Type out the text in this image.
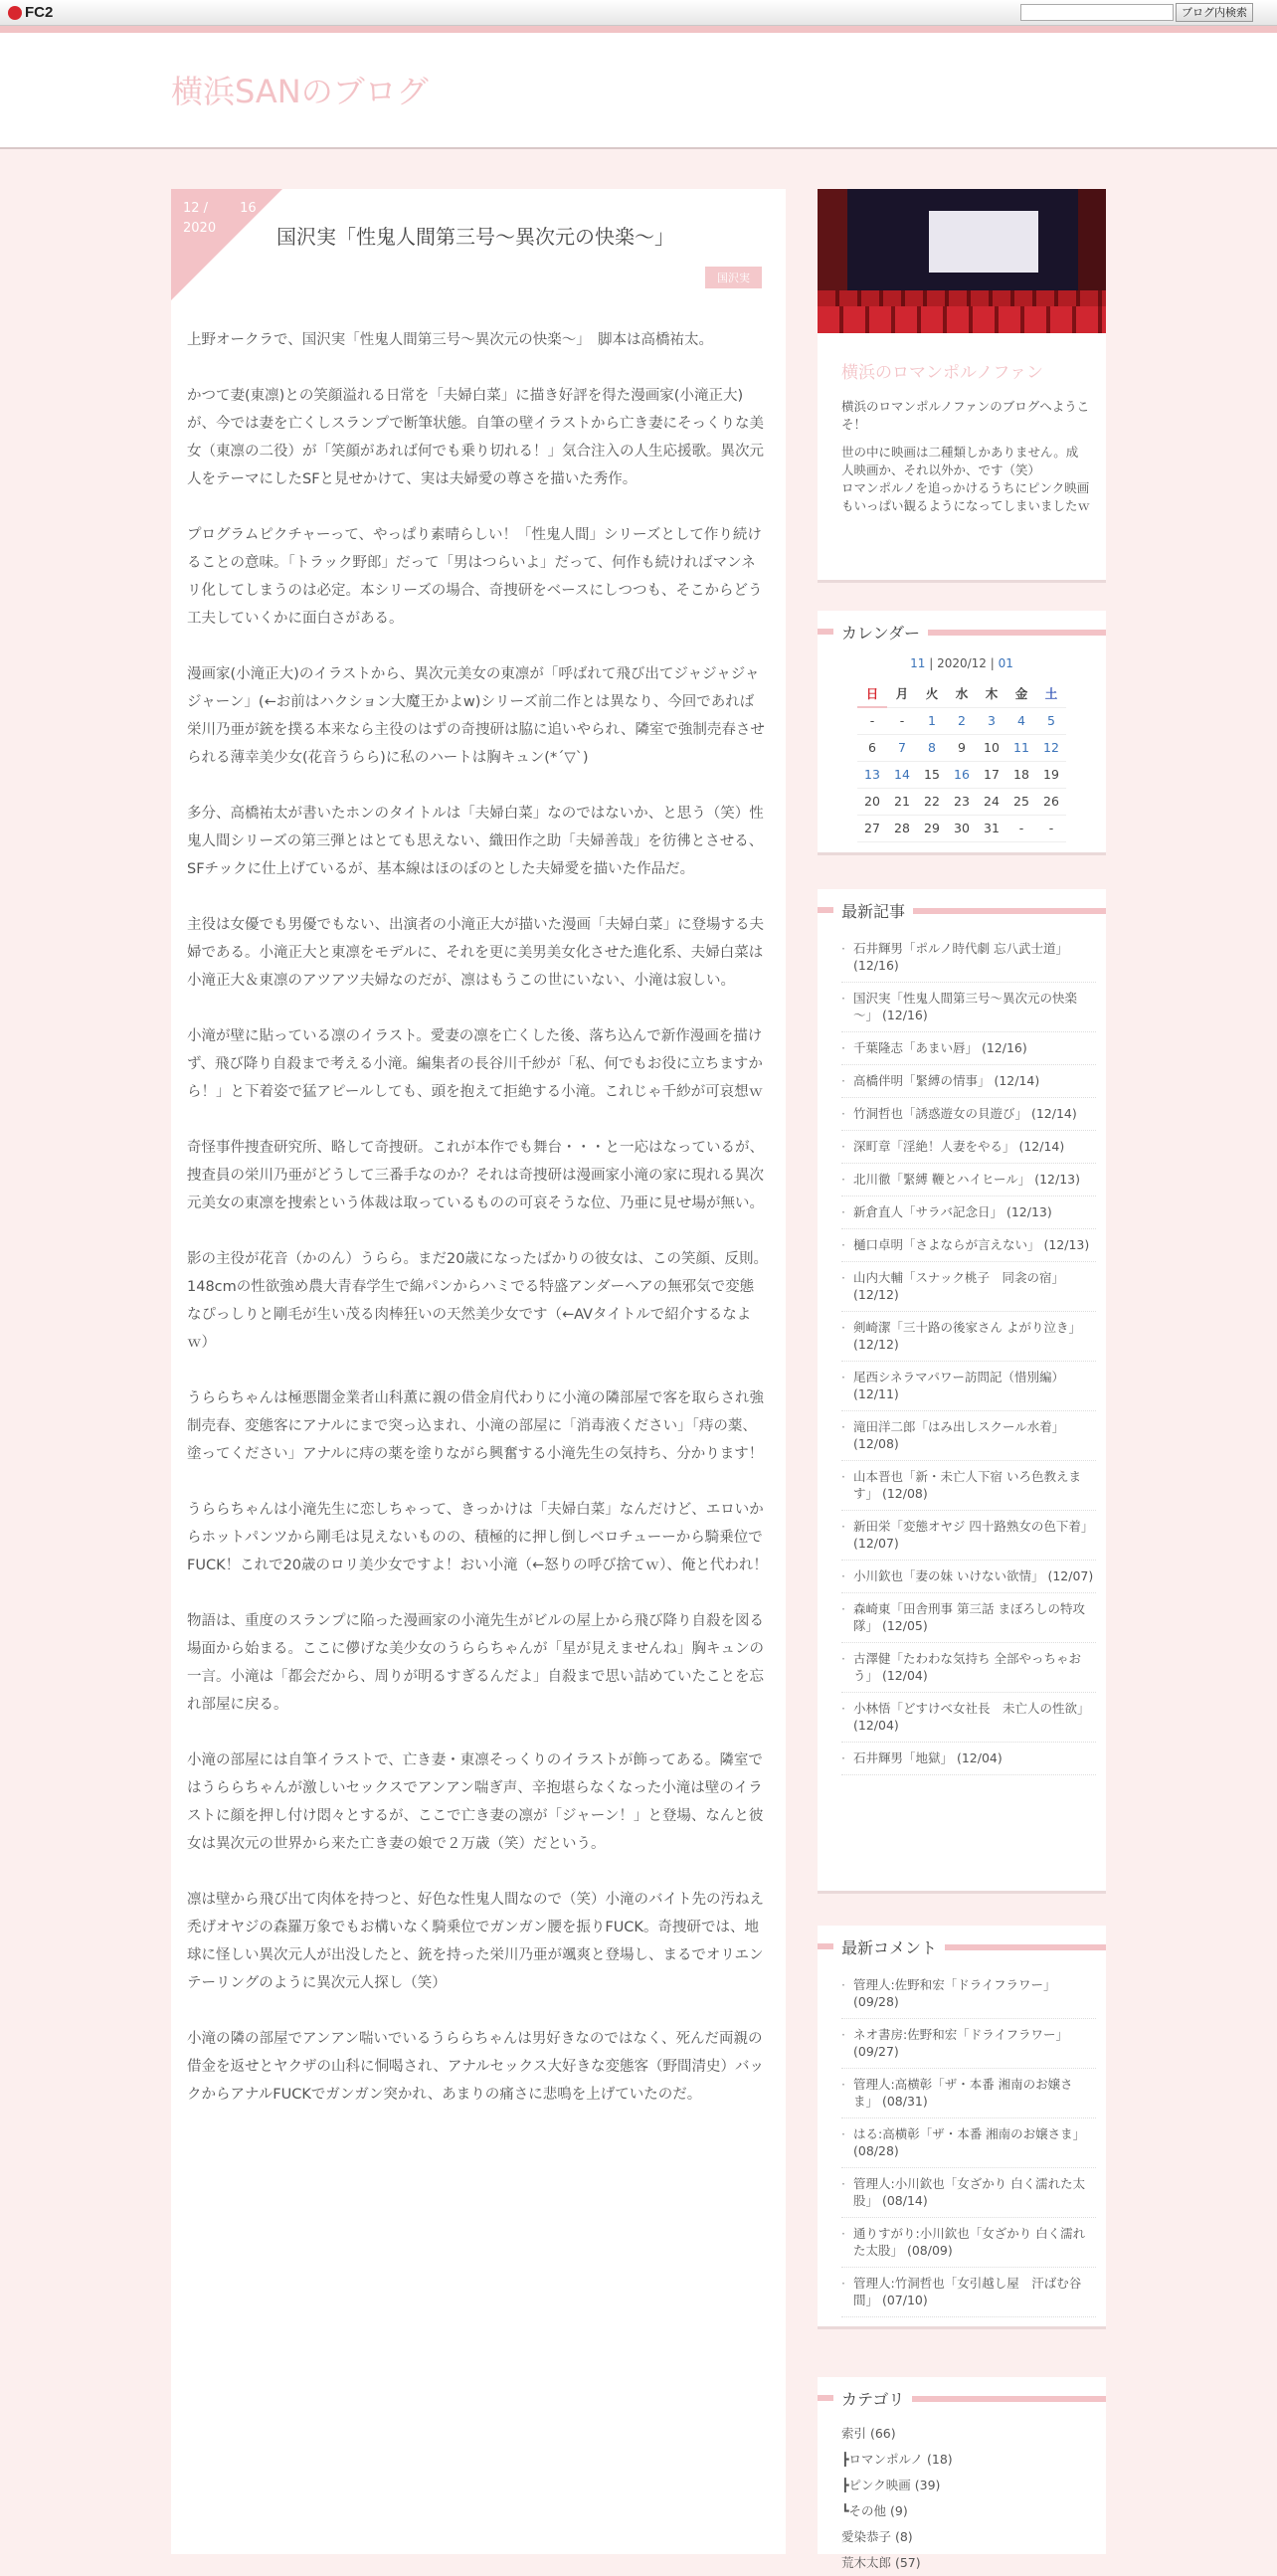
FC2	ブログ内検索
横浜SANのブログ
12 / 16
2020	国沢実「性鬼人間第三号～異次元の快楽～」
国沢実

上野オークラで、国沢実「性鬼人間第三号～異次元の快楽～」　脚本は高橋祐太。

かつて妻(東凛)との笑顔溢れる日常を「夫婦白菜」に描き好評を得た漫画家(小滝正大)が、今では妻を亡くしスランプで断筆状態。自筆の壁イラストから亡き妻にそっくりな美女（東凛の二役）が「笑顔があれば何でも乗り切れる！」気合注入の人生応援歌。異次元人をテーマにしたSFと見せかけて、実は夫婦愛の尊さを描いた秀作。

プログラムピクチャーって、やっぱり素晴らしい！「性鬼人間」シリーズとして作り続けることの意味。「トラック野郎」だって「男はつらいよ」だって、何作も続ければマンネリ化してしまうのは必定。本シリーズの場合、奇捜研をベースにしつつも、そこからどう工夫していくかに面白さがある。

漫画家(小滝正大)のイラストから、異次元美女の東凛が「呼ばれて飛び出てジャジャジャジャーン」(←お前はハクション大魔王かよw)シリーズ前二作とは異なり、今回であれば栄川乃亜が銃を撲る本来なら主役のはずの奇捜研は脇に追いやられ、隣室で強制売春させられる薄幸美少女(花音うらら)に私のハートは胸キュン(*´▽`)

多分、高橋祐太が書いたホンのタイトルは「夫婦白菜」なのではないか、と思う（笑）性鬼人間シリーズの第三弾とはとても思えない、織田作之助「夫婦善哉」を彷彿とさせる、SFチックに仕上げているが、基本線はほのぼのとした夫婦愛を描いた作品だ。

主役は女優でも男優でもない、出演者の小滝正大が描いた漫画「夫婦白菜」に登場する夫婦である。小滝正大と東凛をモデルに、それを更に美男美女化させた進化系、夫婦白菜は小滝正大＆東凛のアツアツ夫婦なのだが、凛はもうこの世にいない、小滝は寂しい。

小滝が壁に貼っている凛のイラスト。愛妻の凛を亡くした後、落ち込んで新作漫画を描けず、飛び降り自殺まで考える小滝。編集者の長谷川千紗が「私、何でもお役に立ちますから！」と下着姿で猛アピールしても、頭を抱えて拒絶する小滝。これじゃ千紗が可哀想ｗ

奇怪事件捜査研究所、略して奇捜研。これが本作でも舞台・・・と一応はなっているが、捜査員の栄川乃亜がどうして三番手なのか？それは奇捜研は漫画家小滝の家に現れる異次元美女の東凛を捜索という体裁は取っているものの可哀そうな位、乃亜に見せ場が無い。

影の主役が花音（かのん）うらら。まだ20歳になったばかりの彼女は、この笑顔、反則。148cmの性欲強め農大青春学生で綿パンからハミでる特盛アンダーヘアの無邪気で変態なぴっしりと剛毛が生い茂る肉棒狂いの天然美少女です（←AVタイトルで紹介するなよｗ）

うららちゃんは極悪闇金業者山科薫に親の借金肩代わりに小滝の隣部屋で客を取らされ強制売春、変態客にアナルにまで突っ込まれ、小滝の部屋に「消毒液ください」「痔の薬、塗ってください」アナルに痔の薬を塗りながら興奮する小滝先生の気持ち、分かります！

うららちゃんは小滝先生に恋しちゃって、きっかけは「夫婦白菜」なんだけど、エロいからホットパンツから剛毛は見えないものの、積極的に押し倒しベロチューーから騎乗位でFUCK！これで20歳のロリ美少女ですよ！おい小滝（←怒りの呼び捨てｗ）、俺と代われ！

物語は、重度のスランプに陥った漫画家の小滝先生がビルの屋上から飛び降り自殺を図る場面から始まる。ここに儚げな美少女のうららちゃんが「星が見えませんね」胸キュンの一言。小滝は「都会だから、周りが明るすぎるんだよ」自殺まで思い詰めていたことを忘れ部屋に戻る。

小滝の部屋には自筆イラストで、亡き妻・東凛そっくりのイラストが飾ってある。隣室ではうららちゃんが激しいセックスでアンアン喘ぎ声、辛抱堪らなくなった小滝は壁のイラストに顔を押し付け悶々とするが、ここで亡き妻の凛が「ジャーン！」と登場、なんと彼女は異次元の世界から来た亡き妻の娘で２万歳（笑）だという。

凛は壁から飛び出て肉体を持つと、好色な性鬼人間なので（笑）小滝のバイト先の汚ねえ禿げオヤジの森羅万象でもお構いなく騎乗位でガンガン腰を振りFUCK。奇捜研では、地球に怪しい異次元人が出没したと、銃を持った栄川乃亜が颯爽と登場し、まるでオリエンテーリングのように異次元人探し（笑）

小滝の隣の部屋でアンアン喘いでいるうららちゃんは男好きなのではなく、死んだ両親の借金を返せとヤクザの山科に恫喝され、アナルセックス大好きな変態客（野間清史）バックからアナルFUCKでガンガン突かれ、あまりの痛さに悲鳴を上げていたのだ。

横浜のロマンポルノファン

横浜のロマンポルノファンのブログへようこそ！

世の中に映画は二種類しかありません。成人映画か、それ以外か、です（笑）

ロマンポルノを追っかけるうちにピンク映画もいっぱい観るようになってしまいましたｗ

カレンダー
11 | 2020/12 | 01
日	月	火	水	木	金	土
-	-	1	2	3	4	5
6	7	8	9	10	11	12
13	14	15	16	17	18	19
20	21	22	23	24	25	26
27	28	29	30	31	-	-
最新記事
· 石井輝男「ポルノ時代劇 忘八武士道」 (12/16)
· 国沢実「性鬼人間第三号～異次元の快楽～」 (12/16)
· 千葉隆志「あまい唇」 (12/16)
· 高橋伴明「緊縛の情事」 (12/14)
· 竹洞哲也「誘惑遊女の貝遊び」 (12/14)
· 深町章「淫絶！人妻をやる」 (12/14)
· 北川徹「緊縛 鞭とハイヒール」 (12/13)
· 新倉直人「サラバ記念日」 (12/13)
· 樋口卓明「さよならが言えない」 (12/13)
· 山内大輔「スナック桃子　同衾の宿」 (12/12)
· 剣崎潔「三十路の後家さん よがり泣き」 (12/12)
· 尾西シネラマパワー訪問記（惜別編） (12/11)
· 滝田洋二郎「はみ出しスクール水着」 (12/08)
· 山本晋也「新・未亡人下宿 いろ色教えます」 (12/08)
· 新田栄「変態オヤジ 四十路熟女の色下着」　(12/07)
· 小川欽也「妻の妹 いけない欲情」 (12/07)
· 森崎東「田舎刑事 第三話 まぼろしの特攻隊」 (12/05)
· 古澤健「たわわな気持ち 全部やっちゃおう」 (12/04)
· 小林悟「どすけべ女社長　未亡人の性欲」 (12/04)
· 石井輝男「地獄」 (12/04)
最新コメント
· 管理人:佐野和宏「ドライフラワー」 (09/28)
· ネオ書房:佐野和宏「ドライフラワー」 (09/27)
· 管理人:高横彰「ザ・本番 湘南のお嬢さま」 (08/31)
· はる:高横彰「ザ・本番 湘南のお嬢さま」 (08/28)
· 管理人:小川欽也「女ざかり 白く濡れた太股」 (08/14)
· 通りすがり:小川欽也「女ざかり 白く濡れた太股」 (08/09)
· 管理人:竹洞哲也「女引越し屋　汗ばむ谷間」 (07/10)
カテゴリ
索引 (66)
┣ロマンポルノ (18)
┣ピンク映画 (39)
┗その他 (9)
愛染恭子 (8)
荒木太郎 (57)
